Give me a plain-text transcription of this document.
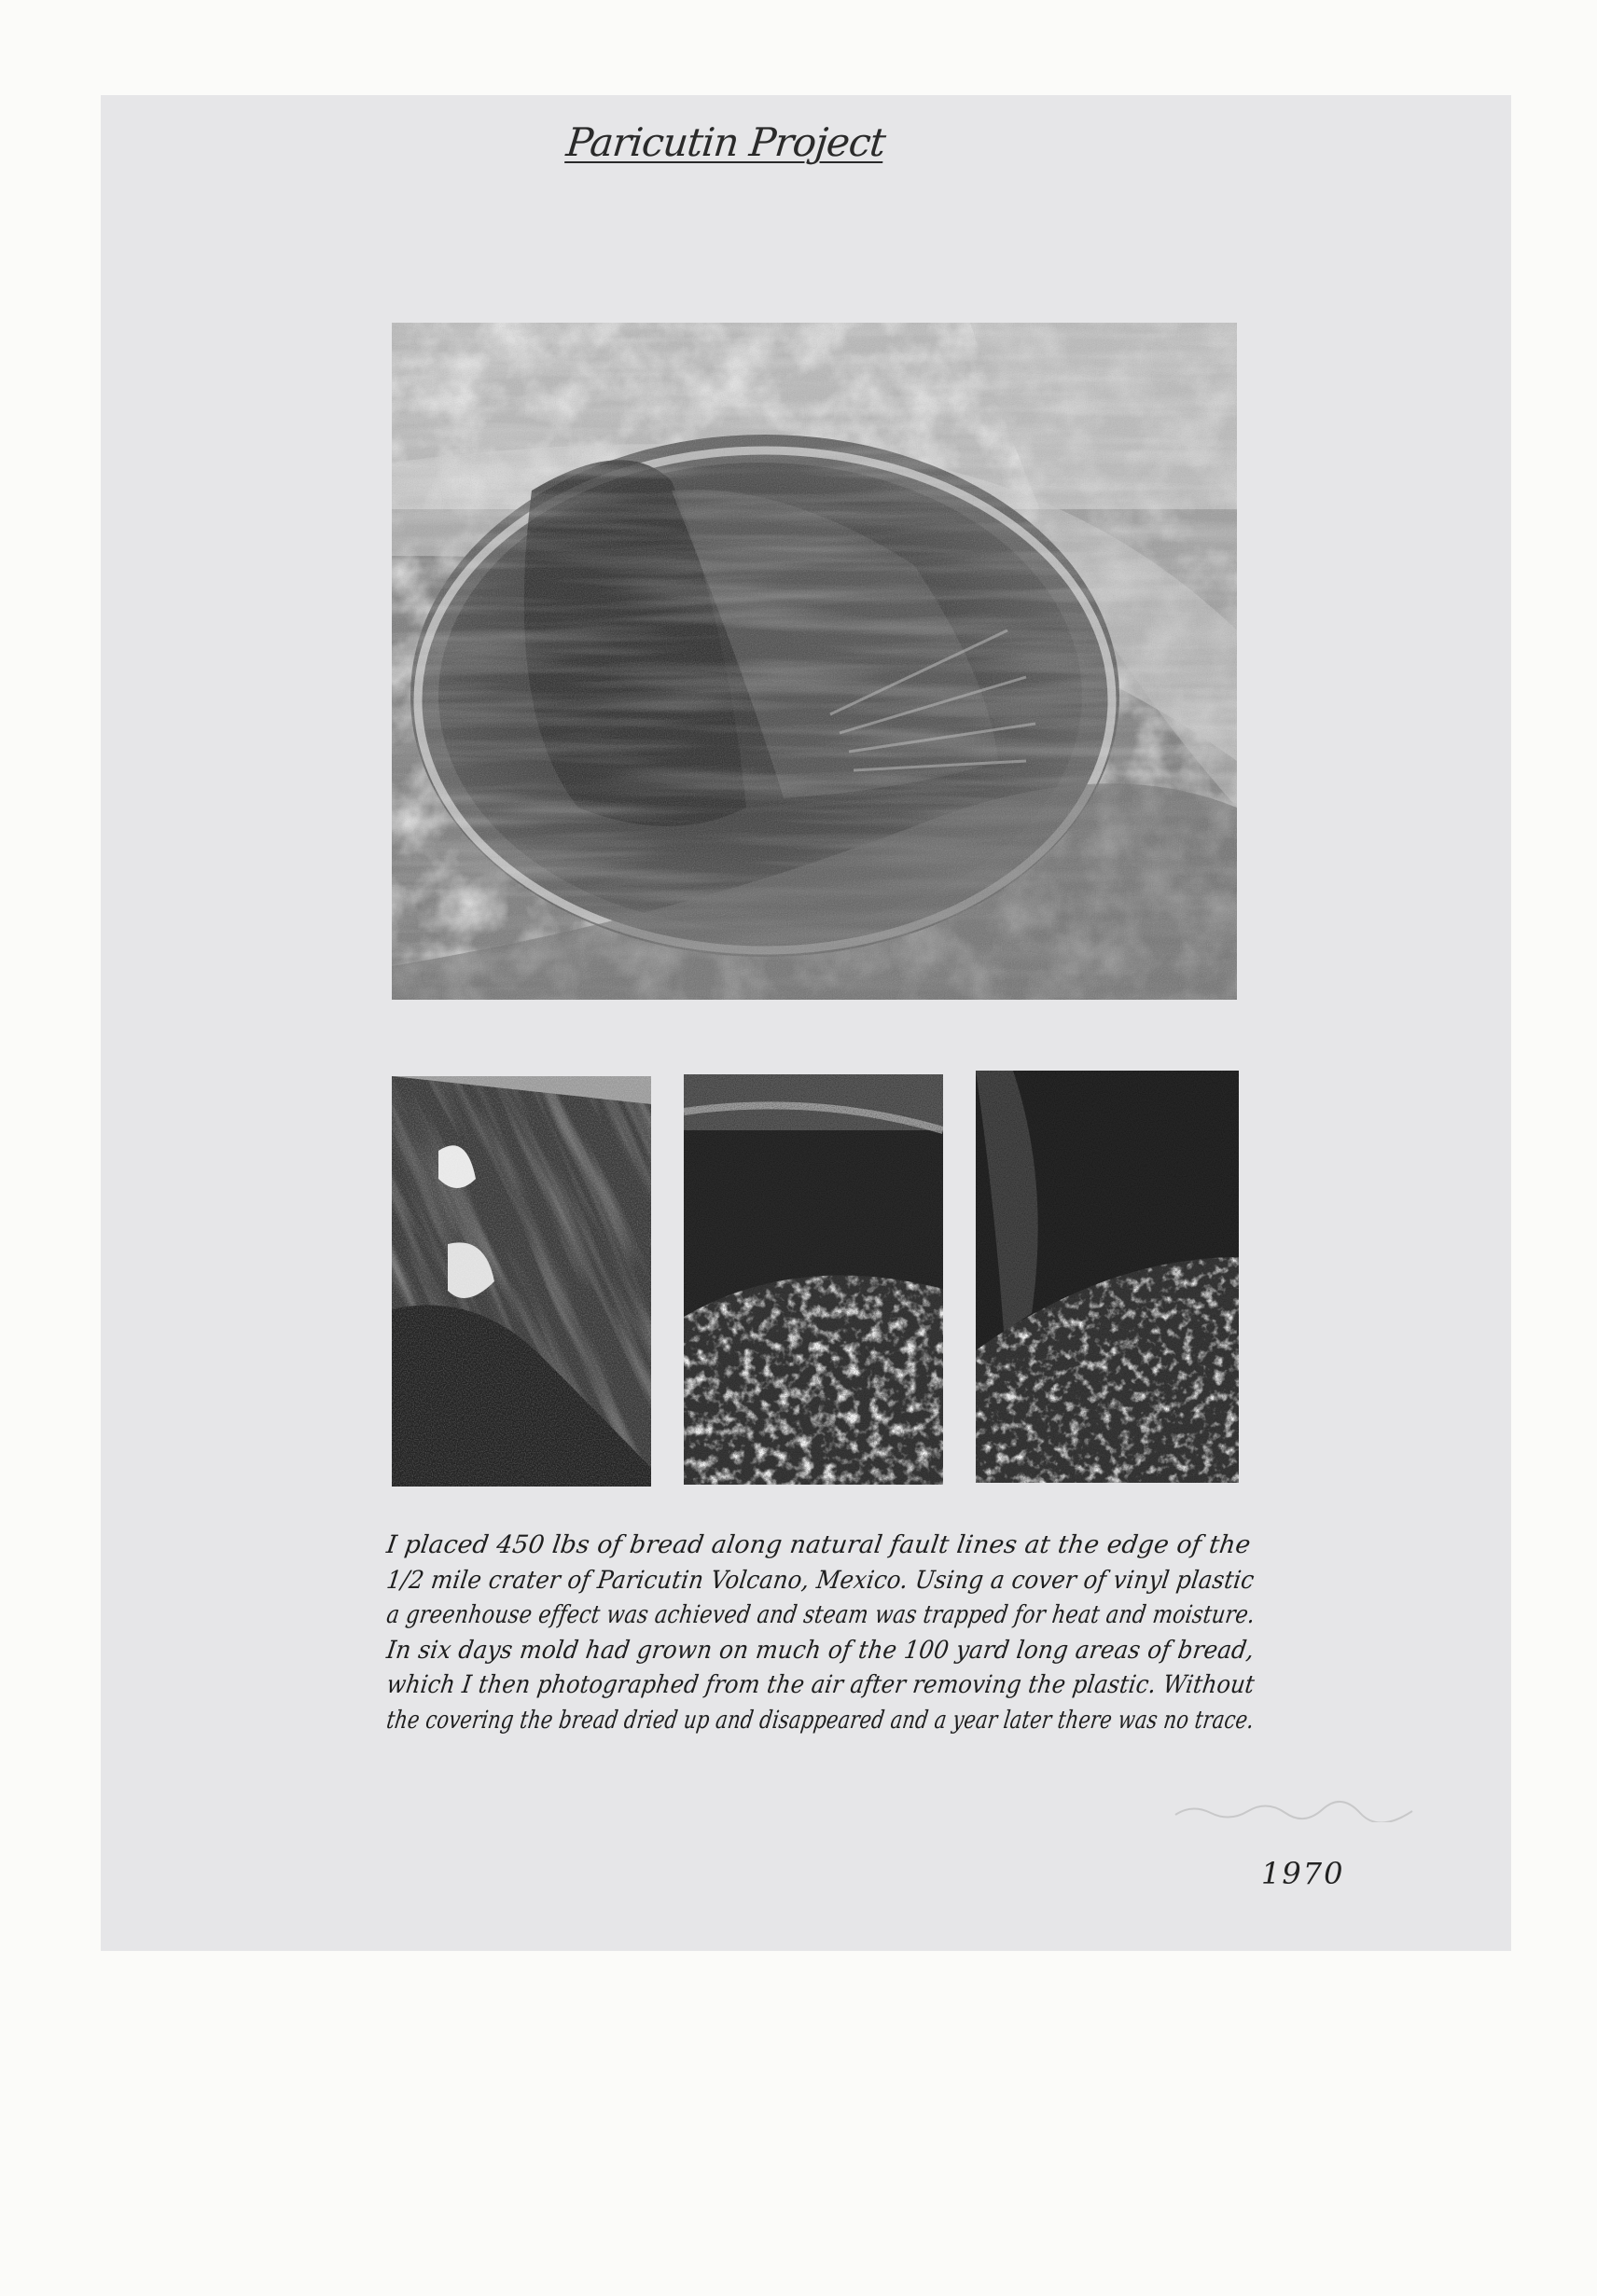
Paricutin Project
I placed 450 lbs of bread along natural fault lines at the edge of the
1/2 mile crater of Paricutin Volcano, Mexico. Using a cover of vinyl plastic
a greenhouse effect was achieved and steam was trapped for heat and moisture.
In six days mold had grown on much of the 100 yard long areas of bread,
which I then photographed from the air after removing the plastic. Without
the covering the bread dried up and disappeared and a year later there was no trace.
1970
